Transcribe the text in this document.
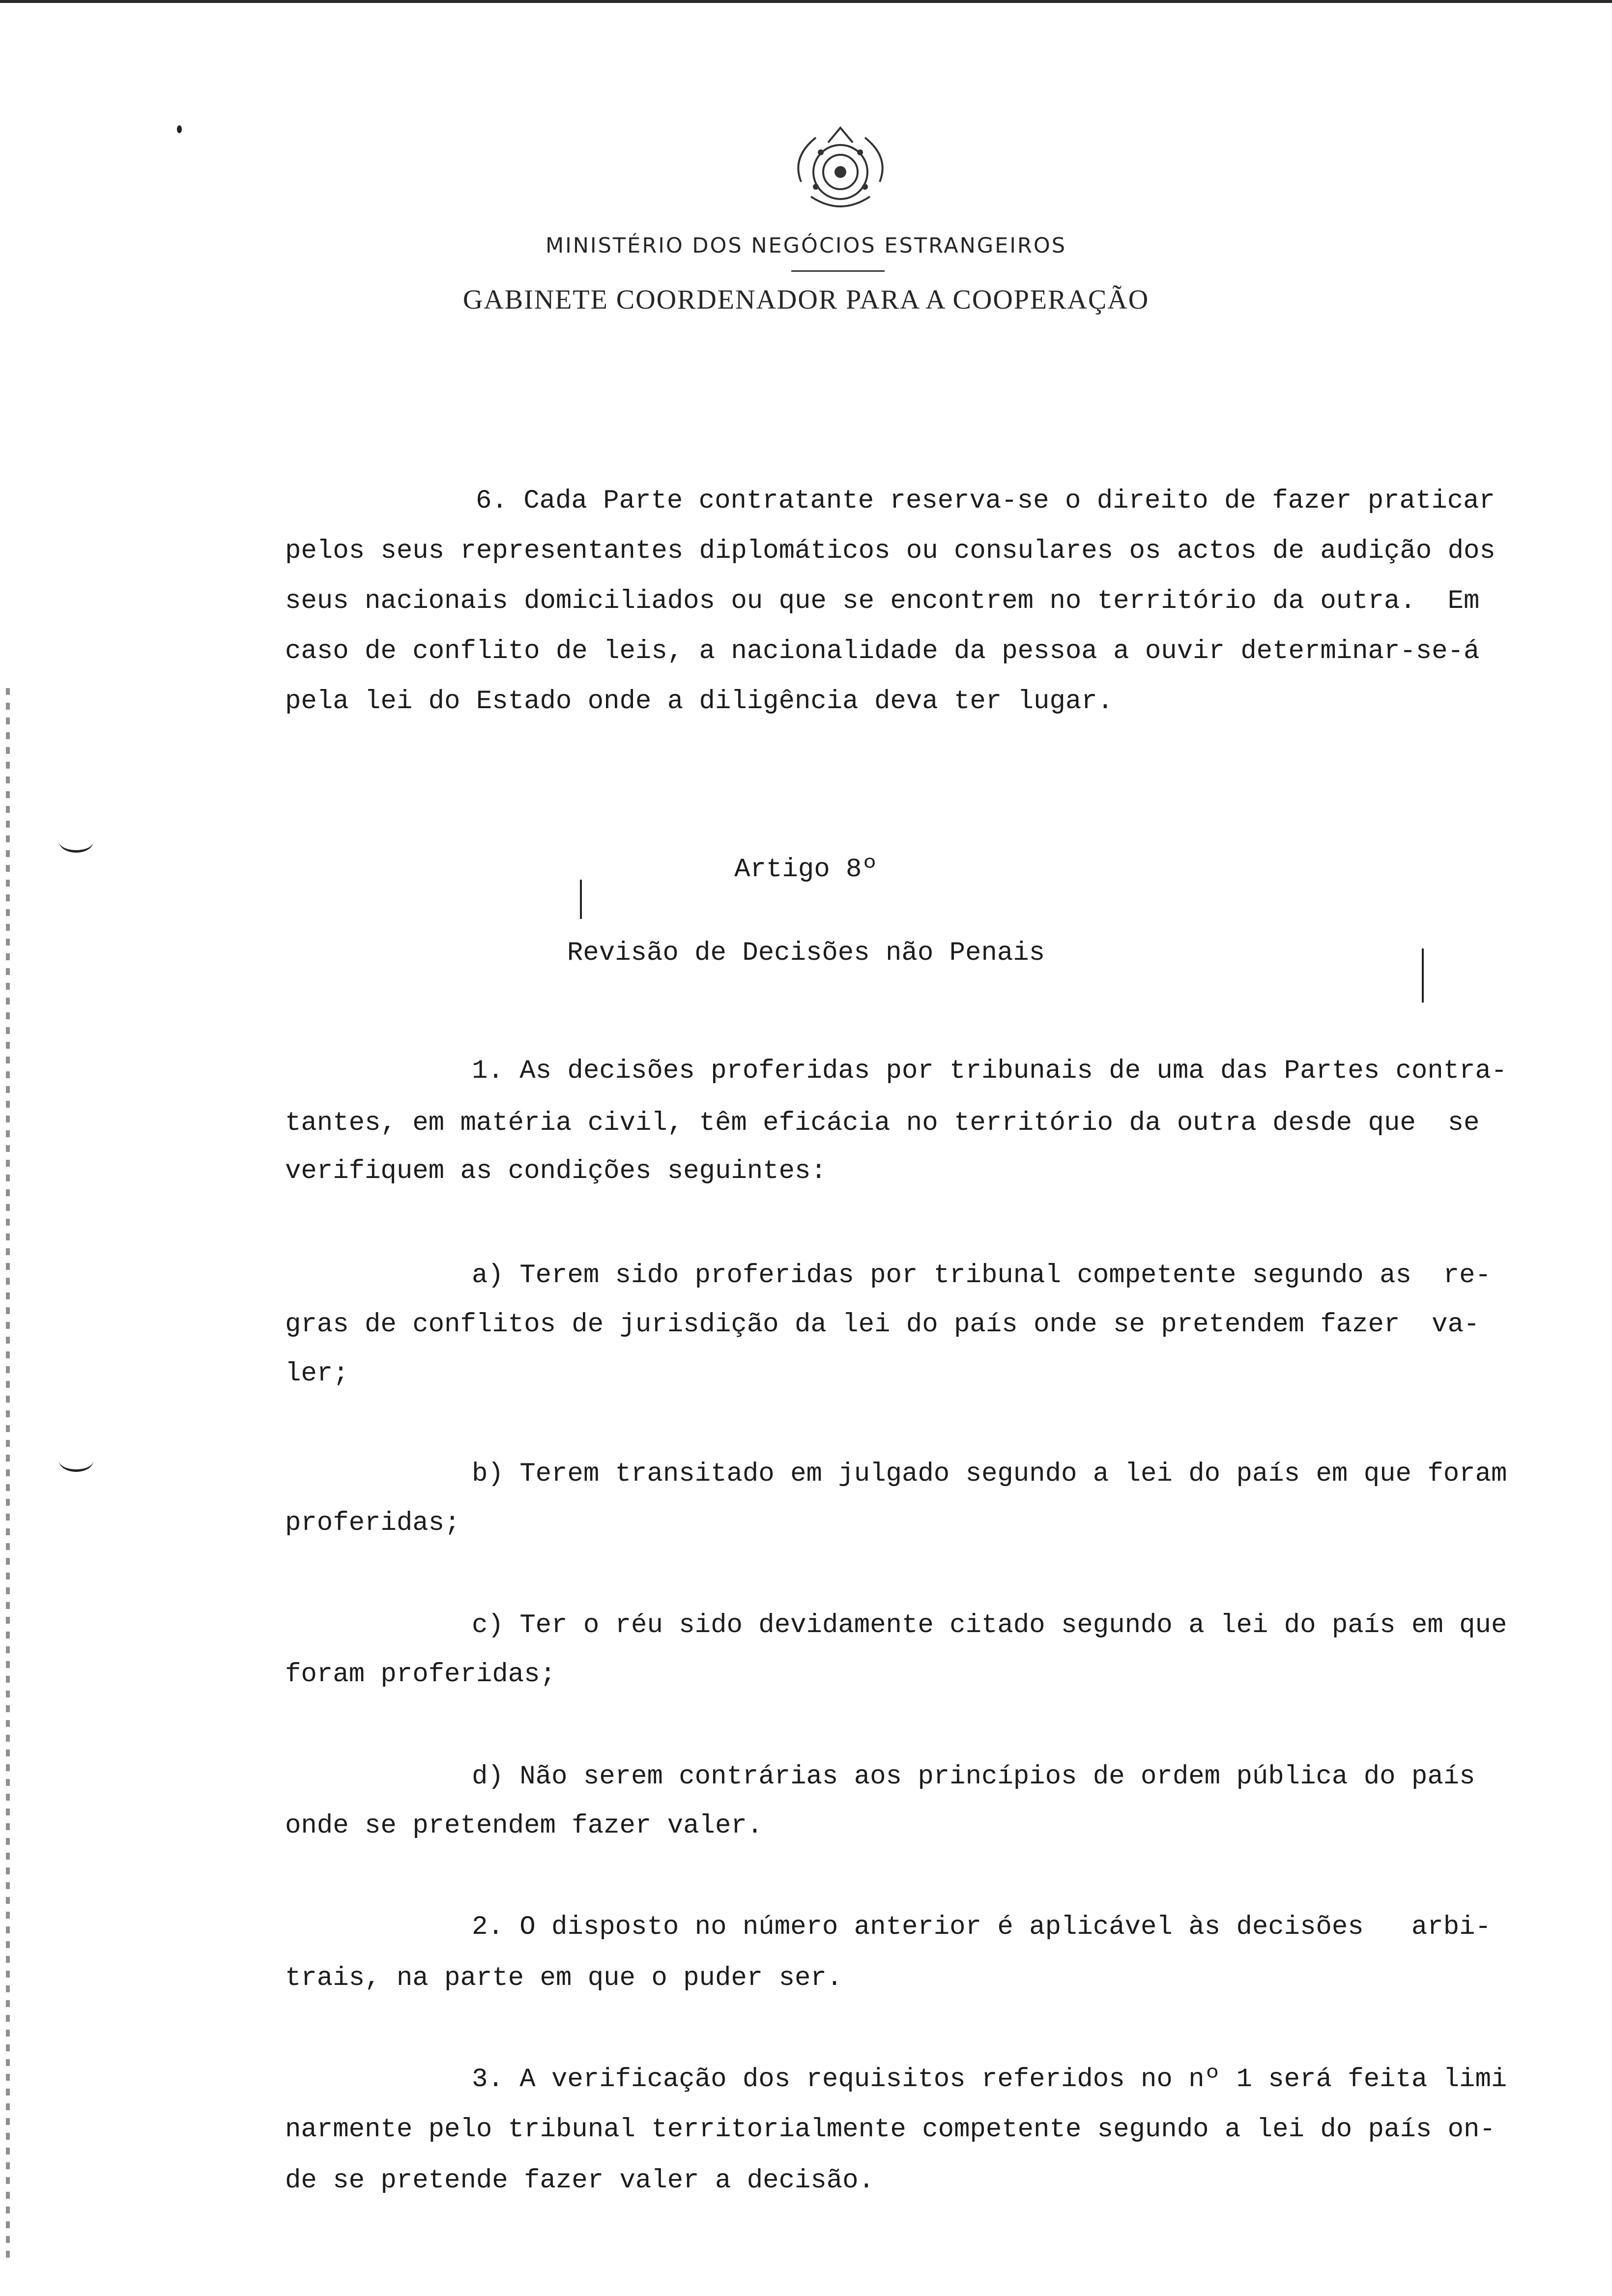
MINISTÉRIO DOS NEGÓCIOS ESTRANGEIROS
GABINETE COORDENADOR PARA A COOPERAÇÃO
6. Cada Parte contratante reserva-se o direito de fazer praticar
pelos seus representantes diplomáticos ou consulares os actos de audição dos
seus nacionais domiciliados ou que se encontrem no território da outra.  Em
caso de conflito de leis, a nacionalidade da pessoa a ouvir determinar-se-á
pela lei do Estado onde a diligência deva ter lugar.
Artigo 8º
Revisão de Decisões não Penais
1. As decisões proferidas por tribunais de uma das Partes contra-
tantes, em matéria civil, têm eficácia no território da outra desde que  se
verifiquem as condições seguintes:
a) Terem sido proferidas por tribunal competente segundo as  re-
gras de conflitos de jurisdição da lei do país onde se pretendem fazer  va-
ler;
b) Terem transitado em julgado segundo a lei do país em que foram
proferidas;
c) Ter o réu sido devidamente citado segundo a lei do país em que
foram proferidas;
d) Não serem contrárias aos princípios de ordem pública do país
onde se pretendem fazer valer.
2. O disposto no número anterior é aplicável às decisões   arbi-
trais, na parte em que o puder ser.
3. A verificação dos requisitos referidos no nº 1 será feita limi
narmente pelo tribunal territorialmente competente segundo a lei do país on-
de se pretende fazer valer a decisão.
